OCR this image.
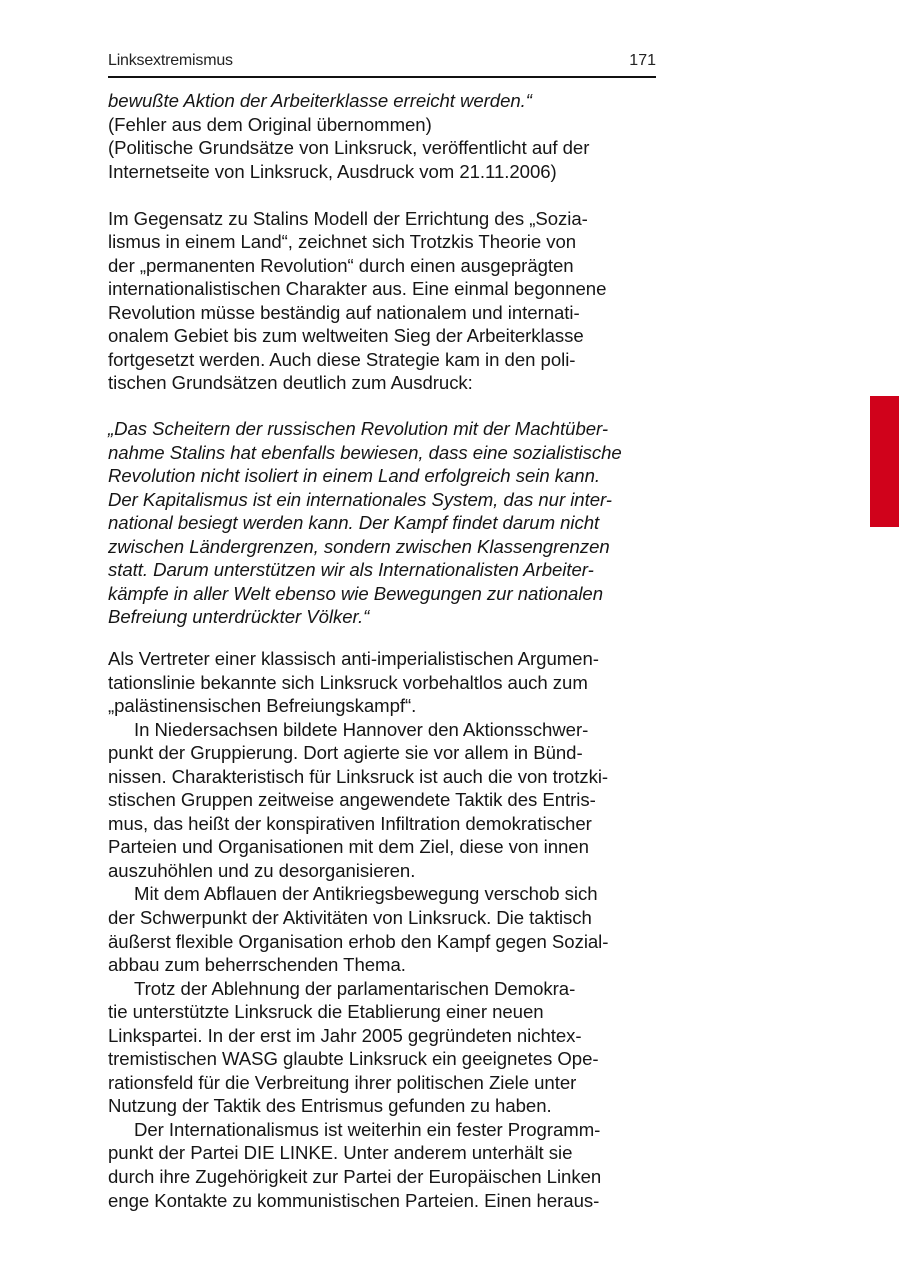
Linksextremismus	171
bewußte Aktion der Arbeiterklasse erreicht werden.“
(Fehler aus dem Original übernommen)
(Politische Grundsätze von Linksruck, veröffentlicht auf der
Internetseite von Linksruck, Ausdruck vom 21.11.2006)
Im Gegensatz zu Stalins Modell der Errichtung des „Sozia-
lismus in einem Land“, zeichnet sich Trotzkis Theorie von
der „permanenten Revolution“ durch einen ausgeprägten
internationalistischen Charakter aus. Eine einmal begonnene
Revolution müsse beständig auf nationalem und internati-
onalem Gebiet bis zum weltweiten Sieg der Arbeiterklasse
fortgesetzt werden. Auch diese Strategie kam in den poli-
tischen Grundsätzen deutlich zum Ausdruck:
„Das Scheitern der russischen Revolution mit der Machtüber-
nahme Stalins hat ebenfalls bewiesen, dass eine sozialistische
Revolution nicht isoliert in einem Land erfolgreich sein kann.
Der Kapitalismus ist ein internationales System, das nur inter-
national besiegt werden kann. Der Kampf findet darum nicht
zwischen Ländergrenzen, sondern zwischen Klassengrenzen
statt. Darum unterstützen wir als Internationalisten Arbeiter-
kämpfe in aller Welt ebenso wie Bewegungen zur nationalen
Befreiung unterdrückter Völker.“
Als Vertreter einer klassisch anti-imperialistischen Argumen-
tationslinie bekannte sich Linksruck vorbehaltlos auch zum
„palästinensischen Befreiungskampf“.
In Niedersachsen bildete Hannover den Aktionsschwer-
punkt der Gruppierung. Dort agierte sie vor allem in Bünd-
nissen. Charakteristisch für Linksruck ist auch die von trotzki-
stischen Gruppen zeitweise angewendete Taktik des Entris-
mus, das heißt der konspirativen Infiltration demokratischer
Parteien und Organisationen mit dem Ziel, diese von innen
auszuhöhlen und zu desorganisieren.
Mit dem Abflauen der Antikriegsbewegung verschob sich
der Schwerpunkt der Aktivitäten von Linksruck. Die taktisch
äußerst flexible Organisation erhob den Kampf gegen Sozial-
abbau zum beherrschenden Thema.
Trotz der Ablehnung der parlamentarischen Demokra-
tie unterstützte Linksruck die Etablierung einer neuen
Linkspartei. In der erst im Jahr 2005 gegründeten nichtex-
tremistischen WASG glaubte Linksruck ein geeignetes Ope-
rationsfeld für die Verbreitung ihrer politischen Ziele unter
Nutzung der Taktik des Entrismus gefunden zu haben.
Der Internationalismus ist weiterhin ein fester Programm-
punkt der Partei DIE LINKE. Unter anderem unterhält sie
durch ihre Zugehörigkeit zur Partei der Europäischen Linken
enge Kontakte zu kommunistischen Parteien. Einen heraus-
